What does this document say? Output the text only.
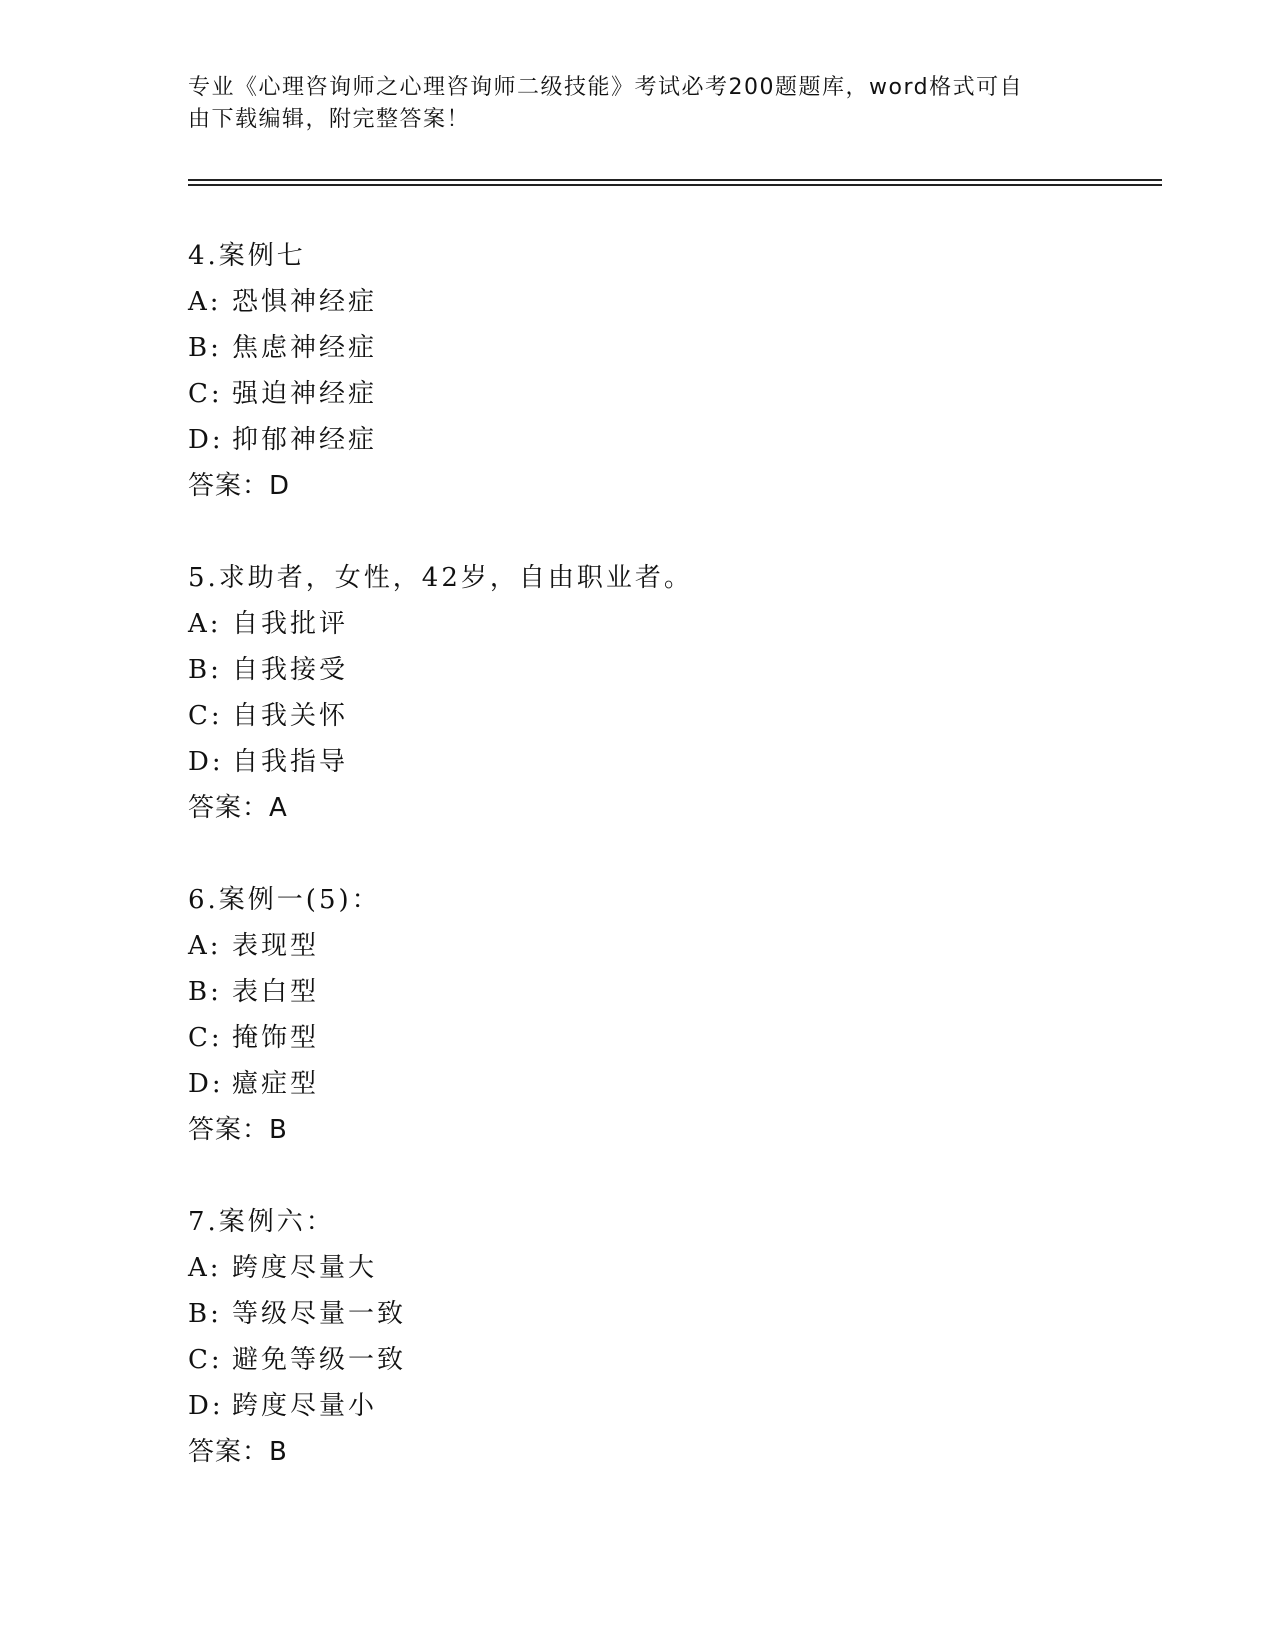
专业《心理咨询师之心理咨询师二级技能》考试必考200题题库，word格式可自
由下载编辑，附完整答案！
4.案例七
A: 恐惧神经症
B: 焦虑神经症
C: 强迫神经症
D: 抑郁神经症
答案：D
5.求助者，女性，42岁，自由职业者。
A: 自我批评
B: 自我接受
C: 自我关怀
D: 自我指导
答案：A
6.案例一(5)：
A: 表现型
B: 表白型
C: 掩饰型
D: 癔症型
答案：B
7.案例六：
A: 跨度尽量大
B: 等级尽量一致
C: 避免等级一致
D: 跨度尽量小
答案：B
